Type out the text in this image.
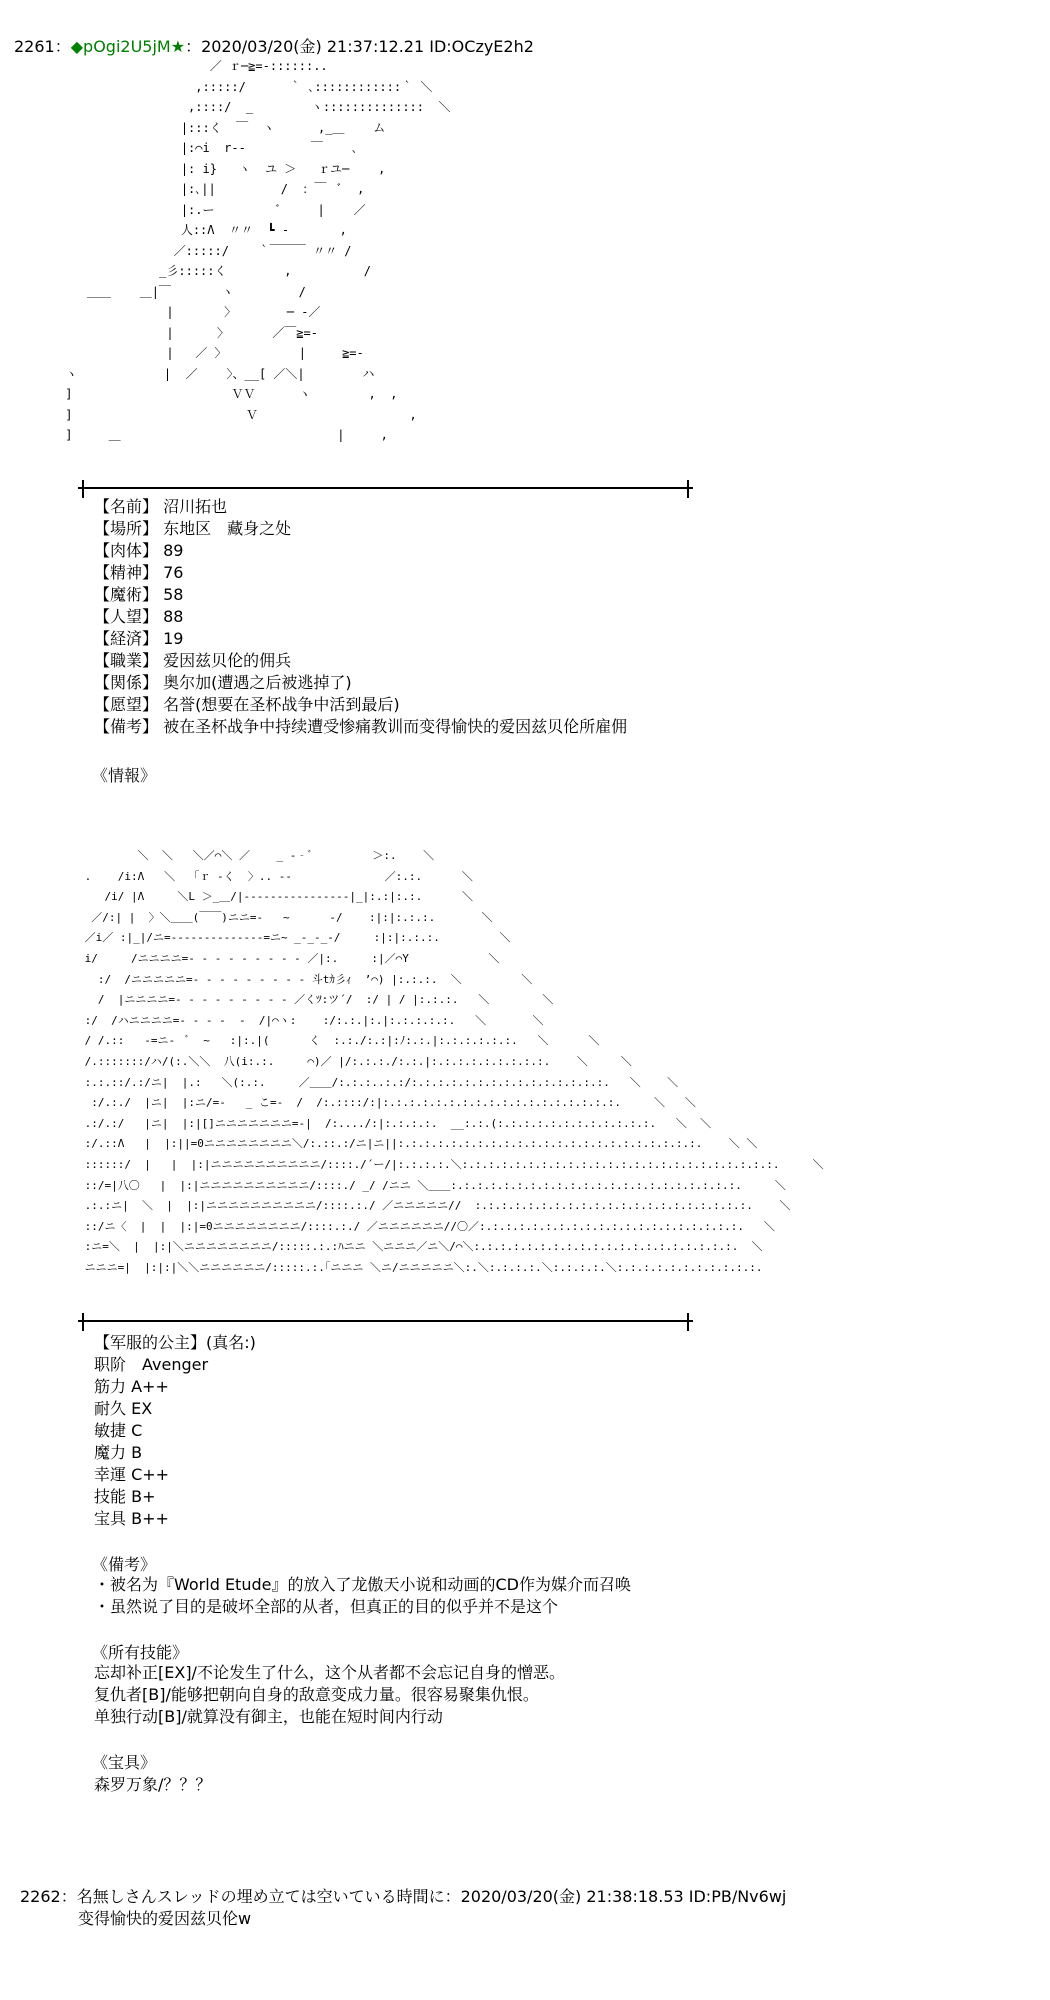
2261：◆pOgi2U5jM★：2020/03/20(金) 21:37:12.21 ID:OCzyE2h2
／ ｒ─≧=‐::::::..
,:::::/      ｀ ､::::::::::::｀ ＼
,::::/  _        ヽ::::::::::::::  ＼
|:::く  ￣  ヽ      ,_＿    ム
|:⌒i  r‐‐         ￣    ､
|: i}   ヽ  ユ ＞   ｒユ─    ,
|:､||         /  ：￣  ﾞ  ,
|:.ー         ﾞ     |    ／
人::Λ  〃〃  ┗ ‐       ,
／:::::/    ｀￣￣￣ 〃〃 /
_彡:::::く        ,          /
＿＿    ＿|￣       ヽ         /
|       〉       ─ ‐／
|      〉      ／￣≧=‐
|   ／ 〉          |     ≧=‐
ヽ            |  ／    〉、__[ ／＼|        ハ
]                      ＶＶ      ヽ        ,  ,
]                        Ｖ                     ,
]     ＿                              |     ,
【名前】 沼川拓也
【場所】 东地区　藏身之处
【肉体】 89
【精神】 76
【魔術】 58
【人望】 88
【経済】 19
【職業】 爱因兹贝伦的佣兵
【関係】 奥尔加(遭遇之后被逃掉了)
【愿望】 名誉(想要在圣杯战争中活到最后)
【備考】 被在圣杯战争中持续遭受惨痛教训而变得愉快的爱因兹贝伦所雇佣
《情報》
＼  ＼   ＼／⌒＼ ／    _ -‐ﾞ         ＞:.    ＼
.    /i:Λ   ＼  「ｒ -く  〉.. -‐              ／:.:.      ＼
/i/ |Λ     ＼L ＞_＿/|‐‐‐‐‐‐‐‐‐‐‐‐‐‐‐‐|_|:.:|:.:.      ＼
／/:| |  〉＼＿＿(￣￣)ニニ=-   ~      -/    :|:|:.:.:.       ＼
／i／ :|_|/ニ=‐‐‐‐‐‐‐‐‐‐‐‐‐‐=ニ~ _-_-_-/     :|:|:.:.:.         ＼
i/     /ニニニニ=- - - - - - - - - ／|:.     :|／⌒Y            ＼
:/  /ニニニニニ=- - - - - - - - - 斗tｶ彡ｨ  ’⌒) |:.:.:.  ＼         ＼
/  |ニニニニ=- - - - - - - - - ／くﾂ:ツ´/  :/ | / |:.:.:.   ＼        ＼
:/  /ハニニニニ=- - - -  -  /|⌒ヽ:    :/:.:.|:.|:.:.:.:.:.   ＼       ＼
/ /.::   -=ニ-  ﾞ  ~   :|:.|(      く  :.:./:.:|:ﾉ:.:.|:.:.:.:.:.:.   ＼      ＼
/.:::::::/ハ/(:.＼＼  八(i:.:.     ⌒)／ |/:.:.:./:.:.|:.:.:.:.:.:.:.:.:.    ＼     ＼
:.:.::/.:/ニ|  |.:   ＼(:.:.     ／＿＿/:.:.:..:.:/:.:.:.:.:.:.:.:.:.:.:.:.:.:.:.   ＼    ＼
:/.:./  |ニ|  |:ニ/=-   _ こ=‐  /  /:.::::/:|:.:.:.:.:.:.:.:.:.:.:.:.:.:.:.:.:.:.     ＼   ＼
.:/.:/   |ニ|  |:|[]ニニニニニニニ=-|  /:..../:|:.:.:.:.  __:.:.(:.:.:.:.:.:.:.:.:.:.:.:.   ＼  ＼
:/.::Λ   |  |:||=0ニニニニニニニニ＼/:.::.:/ニ|ニ||:.:.:.:.:.:.:.:.:.:.:.:.:.:.:.:.:.:.:.:.:.:.:.    ＼ ＼
::::::/  |   |  |:|ニニニニニニニニニニ/::::./´ー/|:.:.:.:.＼:.:.:.:.:.:.:.:.:.:.:.:.:.:.:.:.:.:.:.:.:.:.:.:.     ＼
::/=|八〇   |  |:|ニニニニニニニニニニ/::::./ _/ /ニニ ＼＿＿:.:.:.:.:.:.:.:.:.:.:.:.:.:.:.:.:.:.:.:.:.:.     ＼
.:.:ニ|  ＼  |  |:|ニニニニニニニニニニ/::::.:./ ／ニニニニニ//  :.:.:.:.:.:.:.:.:.:.:.:.:.:.:.:.:.:.:.:.:.    ＼
::/ニ〈  |  |  |:|=0ニニニニニニニニ/::::.:./ ／ニニニニニニ//〇／:.:.:.:.:.:.:.:.:.:.:.:.:.:.:.:.:.:.:.:.   ＼
:ニ=＼  |  |:|＼ニニニニニニニニ/:::::.:.:ﾊニニ ＼ニニニ／ニ＼/⌒＼:.:.:.:.:.:.:.:.:.:.:.:.:.:.:.:.:.:.:.:.  ＼
ニニニ=|  |:|:|＼＼ニニニニニニ/:::::.:.｢ニニニ ＼ニ/ニニニニニ＼:.＼:.:.:.:.＼:.:.:.:.＼:.:.:.:.:.:.:.:.:.:.:.
【军服的公主】(真名:)
职阶　Avenger
筋力 A++
耐久 EX
敏捷 C
魔力 B
幸運 C++
技能 B+
宝具 B++
《備考》
・被名为『World Etude』的放入了龙傲天小说和动画的CD作为媒介而召唤
・虽然说了目的是破坏全部的从者，但真正的目的似乎并不是这个
《所有技能》
忘却补正[EX]/不论发生了什么，这个从者都不会忘记自身的憎恶。
复仇者[B]/能够把朝向自身的敌意变成力量。很容易聚集仇恨。
单独行动[B]/就算没有御主，也能在短时间内行动
《宝具》
森罗万象/？？？
2262：名無しさんスレッドの埋め立ては空いている時間に：2020/03/20(金) 21:38:18.53 ID:PB/Nv6wj
变得愉快的爱因兹贝伦w
